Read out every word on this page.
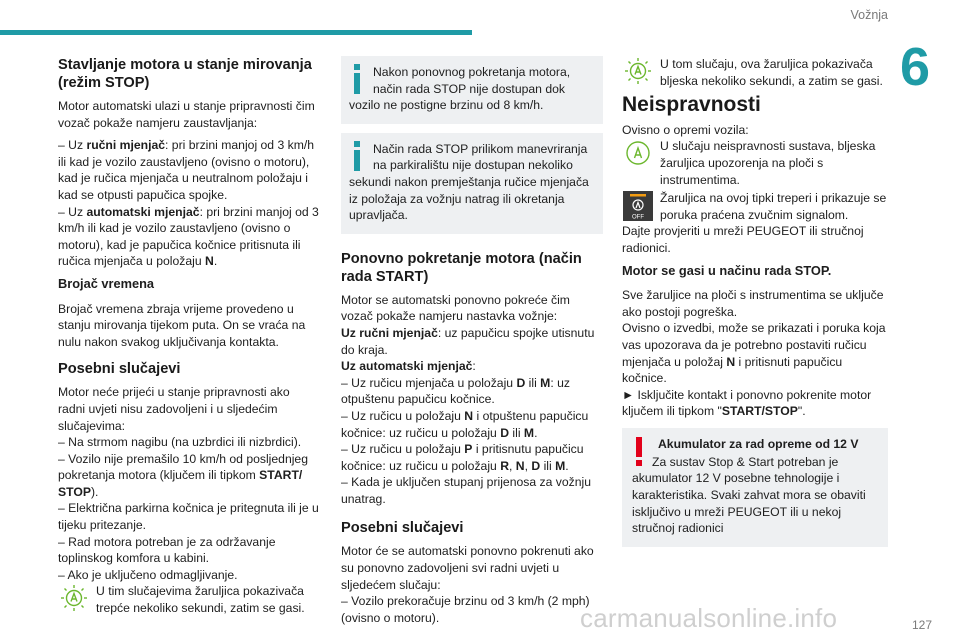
Vožnja
6
Stavljanje motora u stanje mirovanja (režim STOP)

Motor automatski ulazi u stanje pripravnosti čim vozač pokaže namjeru zaustavljanja:

– Uz ručni mjenjač: pri brzini manjoj od 3 km/h ili kad je vozilo zaustavljeno (ovisno o motoru), kad je ručica mjenjača u neutralnom položaju i kad se otpusti papučica spojke.

– Uz automatski mjenjač: pri brzini manjoj od 3 km/h ili kad je vozilo zaustavljeno (ovisno o motoru), kad je papučica kočnice pritisnuta ili ručica mjenjača u položaju N.

Brojač vremena

Brojač vremena zbraja vrijeme provedeno u stanju mirovanja tijekom puta. On se vraća na nulu nakon svakog uključivanja kontakta.

Posebni slučajevi

Motor neće prijeći u stanje pripravnosti ako radni uvjeti nisu zadovoljeni i u sljedećim slučajevima:

– Na strmom nagibu (na uzbrdici ili nizbrdici).

– Vozilo nije premašilo 10 km/h od posljednjeg pokretanja motora (ključem ili tipkom START/ STOP).

– Električna parkirna kočnica je pritegnuta ili je u tijeku pritezanje.

– Rad motora potreban je za održavanje toplinskog komfora u kabini.

– Ako je uključeno odmagljivanje.

U tim slučajevima žaruljica pokazivača trepće nekoliko sekundi, zatim se gasi.
Nakon ponovnog pokretanja motora, način rada STOP nije dostupan dok vozilo ne postigne brzinu od 8 km/h.
Način rada STOP prilikom manevriranja na parkiralištu nije dostupan nekoliko sekundi nakon premještanja ručice mjenjača iz položaja za vožnju natrag ili okretanja upravljača.
Ponovno pokretanje motora (način rada START)

Motor se automatski ponovno pokreće čim vozač pokaže namjeru nastavka vožnje:

Uz ručni mjenjač: uz papučicu spojke utisnutu do kraja.

Uz automatski mjenjač:

– Uz ručicu mjenjača u položaju D ili M: uz otpuštenu papučicu kočnice.

– Uz ručicu u položaju N i otpuštenu papučicu kočnice: uz ručicu u položaju D ili M.

– Uz ručicu u položaju P i pritisnutu papučicu kočnice: uz ručicu u položaju R, N, D ili M.

– Kada je uključen stupanj prijenosa za vožnju unatrag.

Posebni slučajevi

Motor će se automatski ponovno pokrenuti ako su ponovno zadovoljeni svi radni uvjeti u sljedećem slučaju:

– Vozilo prekoračuje brzinu od 3 km/h (2 mph) (ovisno o motoru).

U tom slučaju, ova žaruljica pokazivača bljeska nekoliko sekundi, a zatim se gasi.
Neispravnosti

Ovisno o opremi vozila:

U slučaju neispravnosti sustava, bljeska žaruljica upozorenja na ploči s instrumentima.
OFF
Žaruljica na ovoj tipki treperi i prikazuje se poruka praćena zvučnim signalom.

Dajte provjeriti u mreži PEUGEOT ili stručnoj radionici.

Motor se gasi u načinu rada STOP.

Sve žaruljice na ploči s instrumentima se uključe ako postoji pogreška.

Ovisno o izvedbi, može se prikazati i poruka koja vas upozorava da je potrebno postaviti ručicu mjenjača u položaj N i pritisnuti papučicu kočnice.

► Isključite kontakt i ponovno pokrenite motor ključem ili tipkom "START/STOP".

Akumulator za rad opreme od 12 V
Za sustav Stop & Start potreban je akumulator 12 V posebne tehnologije i karakteristika. Svaki zahvat mora se obaviti isključivo u mreži PEUGEOT ili u nekoj stručnoj radionici
carmanualsonline.info	127
